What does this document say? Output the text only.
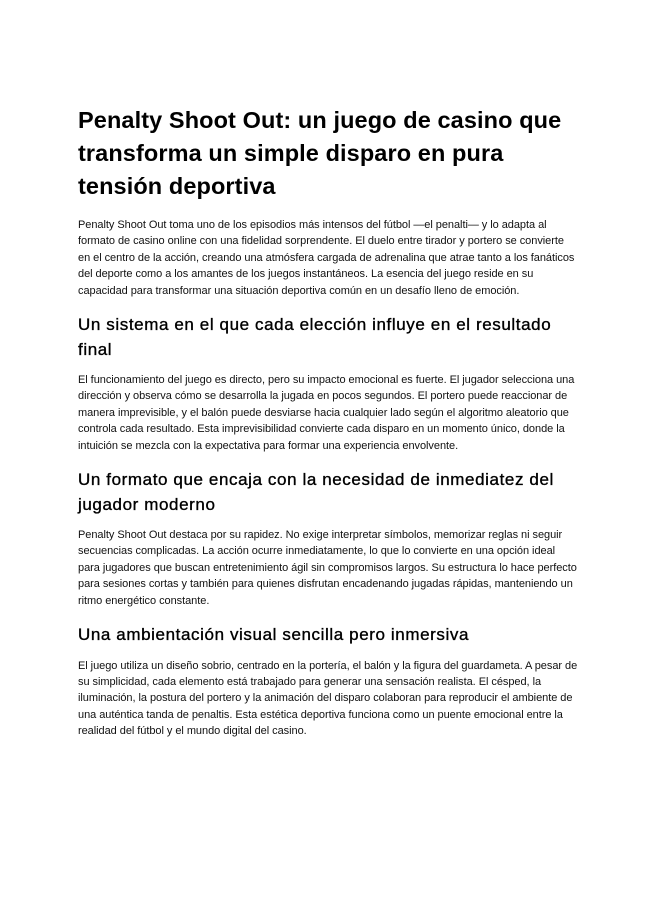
Penalty Shoot Out: un juego de casino que transforma un simple disparo en pura tensión deportiva

Penalty Shoot Out toma uno de los episodios más intensos del fútbol —el penalti— y lo adapta al formato de casino online con una fidelidad sorprendente. El duelo entre tirador y portero se convierte en el centro de la acción, creando una atmósfera cargada de adrenalina que atrae tanto a los fanáticos del deporte como a los amantes de los juegos instantáneos. La esencia del juego reside en su capacidad para transformar una situación deportiva común en un desafío lleno de emoción.

Un sistema en el que cada elección influye en el resultado final

El funcionamiento del juego es directo, pero su impacto emocional es fuerte. El jugador selecciona una dirección y observa cómo se desarrolla la jugada en pocos segundos. El portero puede reaccionar de manera imprevisible, y el balón puede desviarse hacia cualquier lado según el algoritmo aleatorio que controla cada resultado. Esta imprevisibilidad convierte cada disparo en un momento único, donde la intuición se mezcla con la expectativa para formar una experiencia envolvente.

Un formato que encaja con la necesidad de inmediatez del jugador moderno

Penalty Shoot Out destaca por su rapidez. No exige interpretar símbolos, memorizar reglas ni seguir secuencias complicadas. La acción ocurre inmediatamente, lo que lo convierte en una opción ideal para jugadores que buscan entretenimiento ágil sin compromisos largos. Su estructura lo hace perfecto para sesiones cortas y también para quienes disfrutan encadenando jugadas rápidas, manteniendo un ritmo energético constante.

Una ambientación visual sencilla pero inmersiva

El juego utiliza un diseño sobrio, centrado en la portería, el balón y la figura del guardameta. A pesar de su simplicidad, cada elemento está trabajado para generar una sensación realista. El césped, la iluminación, la postura del portero y la animación del disparo colaboran para reproducir el ambiente de una auténtica tanda de penaltis. Esta estética deportiva funciona como un puente emocional entre la realidad del fútbol y el mundo digital del casino.
